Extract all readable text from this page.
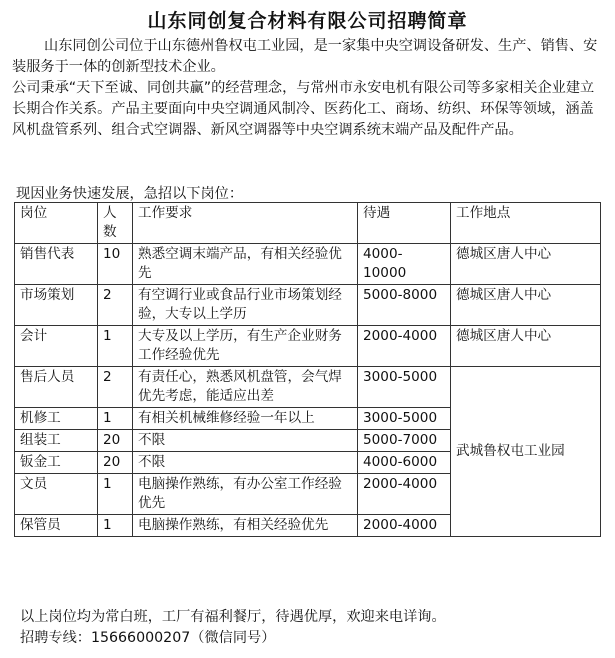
山东同创复合材料有限公司招聘简章

山东同创公司位于山东德州鲁权屯工业园，是一家集中央空调设备研发、生产、销售、安装服务于一体的创新型技术企业。

公司秉承“天下至诚、同创共赢”的经营理念，与常州市永安电机有限公司等多家相关企业建立长期合作关系。产品主要面向中央空调通风制冷、医药化工、商场、纺织、环保等领域，涵盖风机盘管系列、组合式空调器、新风空调器等中央空调系统末端产品及配件产品。

现因业务快速发展，急招以下岗位：
岗位	人数	工作要求	待遇	工作地点
销售代表	10	熟悉空调末端产品，有相关经验优先	4000-10000	德城区唐人中心
市场策划	2	有空调行业或食品行业市场策划经验，大专以上学历	5000-8000	德城区唐人中心
会计	1	大专及以上学历，有生产企业财务工作经验优先	2000-4000	德城区唐人中心
售后人员	2	有责任心，熟悉风机盘管，会气焊优先考虑，能适应出差	3000-5000	武城鲁权屯工业园
机修工	1	有相关机械维修经验一年以上	3000-5000	
组装工	20	不限	5000-7000	
钣金工	20	不限	4000-6000	
文员	1	电脑操作熟练，有办公室工作经验优先	2000-4000	
保管员	1	电脑操作熟练，有相关经验优先	2000-4000	

以上岗位均为常白班，工厂有福利餐厅，待遇优厚，欢迎来电详询。

招聘专线：15666000207（微信同号）
